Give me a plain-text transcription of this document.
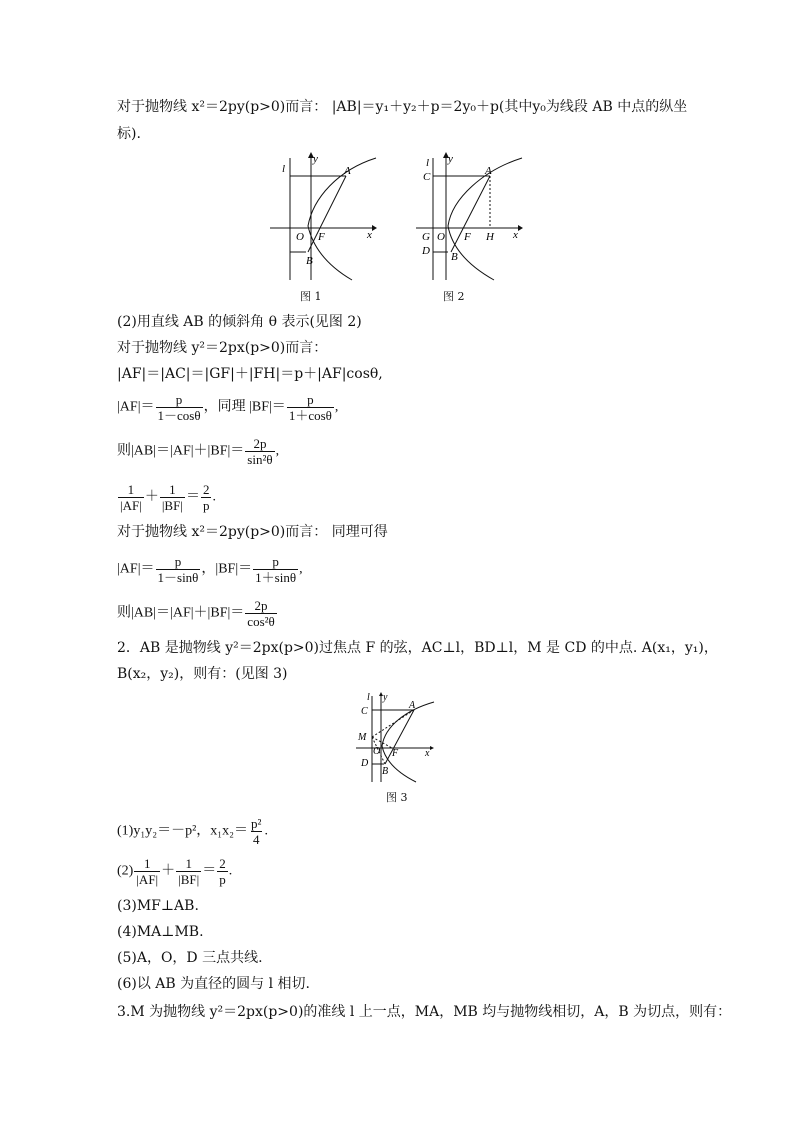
对于抛物线 x²＝2py(p>0)而言： |AB|＝y₁＋y₂＋p＝2y₀＋p(其中y₀为线段 AB 中点的纵坐
标).
l
y
A
x
O F
B
图 1
l y
C	A
x
G O F H
D B
图 2
(2)用直线 AB 的倾斜角 θ 表示(见图 2)
对于抛物线 y²＝2px(p>0)而言：
|AF|＝|AC|＝|GF|＋|FH|＝p＋|AF|cosθ,
$|AF|= \frac{p}{1-\cos\theta}$ ，同理 $|BF|= \frac{p}{1+\cos\theta}$ ,
则$|AB|=|AF|+|BF|= \frac{2p}{\text{sin²θ}}$ ,
$\frac{1}{|AF|} + \frac{1}{|BF|} = \frac{2}{p}$ .
对于抛物线 x²＝2py(p>0)而言： 同理可得
$|AF|= \frac{p}{1-\sin\theta}$ ，$|BF|= \frac{p}{1+\sin\theta}$ ,
则$|AB|=|AF|+|BF|= \frac{2p}{\text{cos²θ}}$
2．AB 是抛物线 y²＝2px(p>0)过焦点 F 的弦，AC⊥l，BD⊥l，M 是 CD 的中点. A(x₁，y₁)，
B(x₂，y₂)，则有：(见图 3)
l y
C
A
M
x
O F
D
B
图 3
(1)y₁y₂＝－p²，$x_1x_2= \frac{\text{p²}}{4}$ .
$(2) \frac{1}{|AF|} + \frac{1}{|BF|} = \frac{2}{p}$ .
(3)MF⊥AB.
(4)MA⊥MB.
(5)A，O，D 三点共线.
(6)以 AB 为直径的圆与 l 相切.
3.M 为抛物线 y²＝2px(p>0)的准线 l 上一点，MA，MB 均与抛物线相切，A，B 为切点，则有：
